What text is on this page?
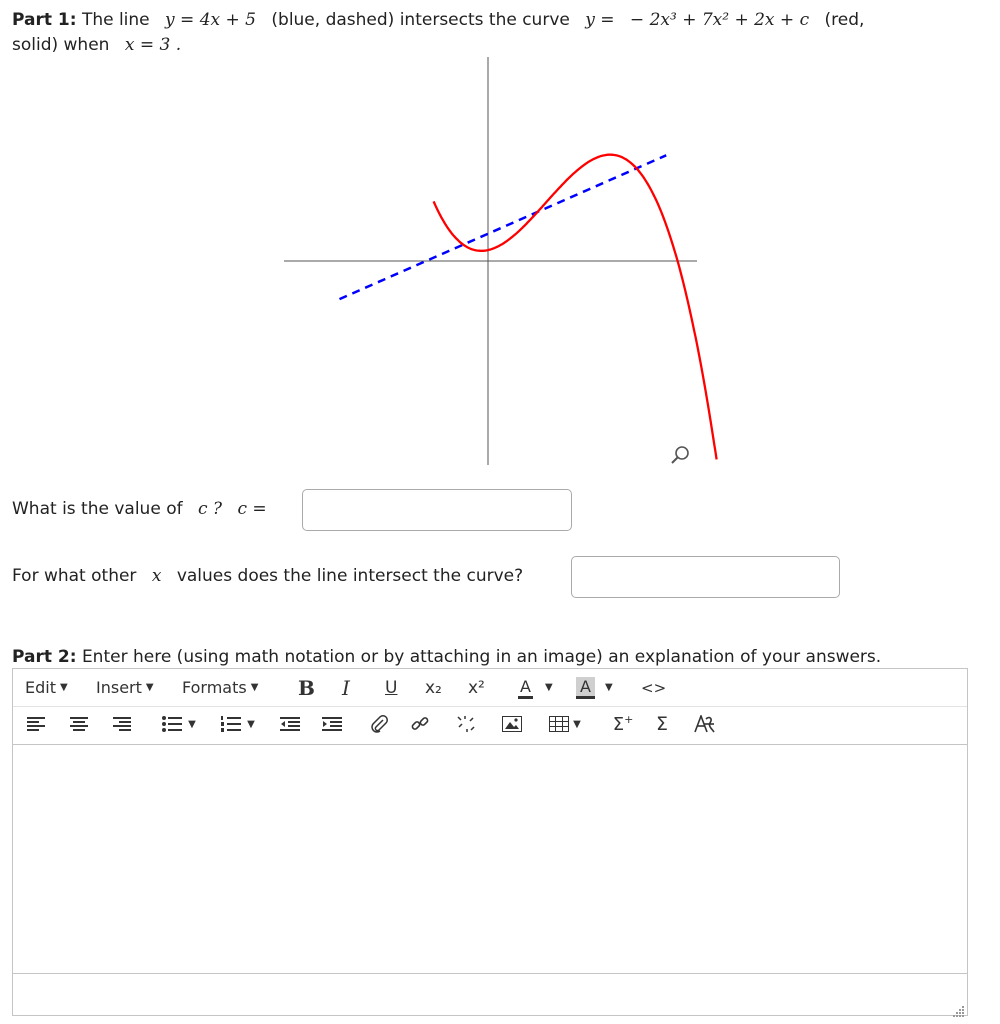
Part 1: The line y = 4x + 5 (blue, dashed) intersects the curve y = − 2x³ + 7x² + 2x + c (red,
solid) when x = 3 .
What is the value of c ? c =
For what other x values does the line intersect the curve?
Part 2: Enter here (using math notation or by attaching in an image) an explanation of your answers.
Edit ▼ Insert ▼ Formats ▼ B I U x₂ x² A ▼ A	▼ <>
▼	▼	▼ Σ+ Σ
